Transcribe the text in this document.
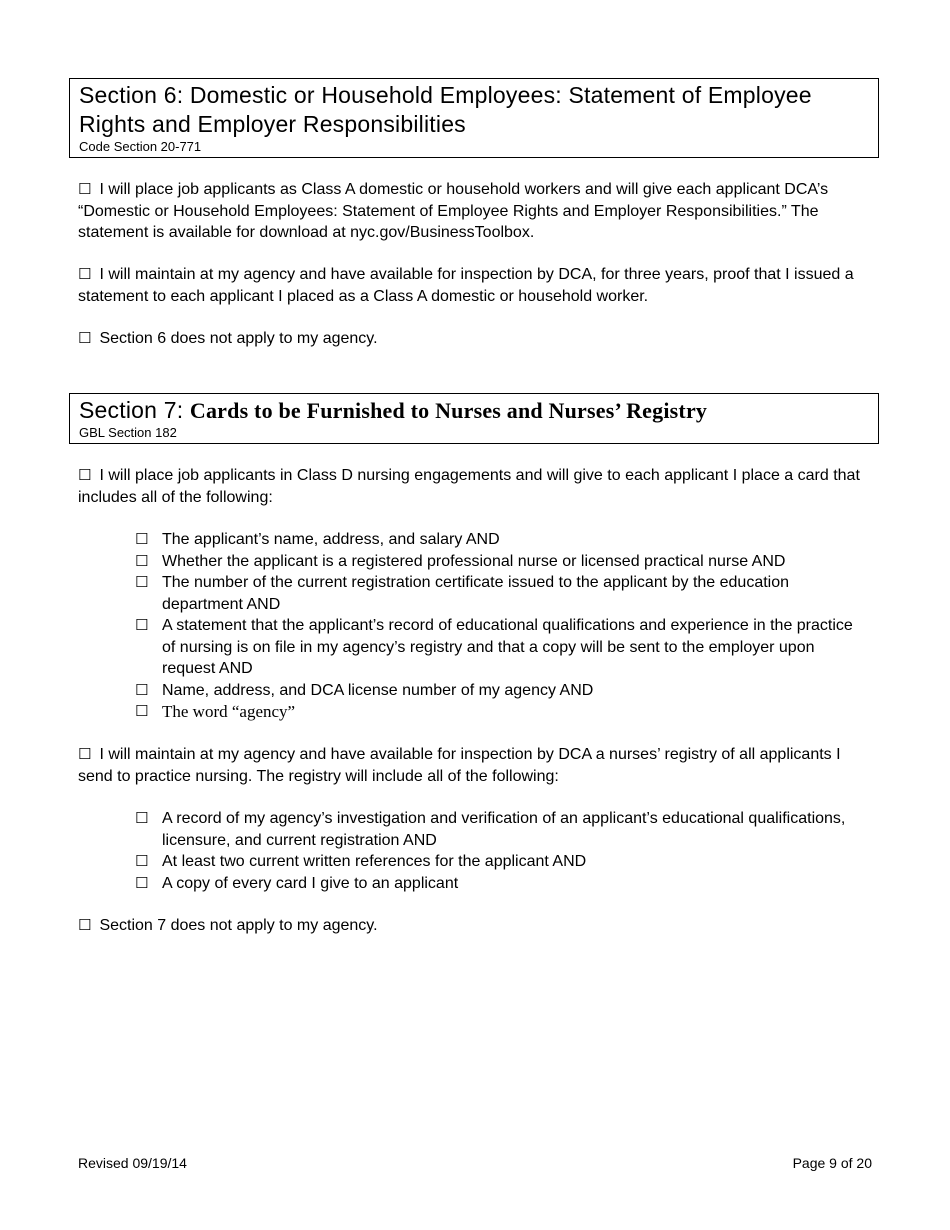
Section 6: Domestic or Household Employees: Statement of Employee Rights and Employer Responsibilities
Code Section 20-771
☐ I will place job applicants as Class A domestic or household workers and will give each applicant DCA’s “Domestic or Household Employees: Statement of Employee Rights and Employer Responsibilities.” The statement is available for download at nyc.gov/BusinessToolbox.
☐ I will maintain at my agency and have available for inspection by DCA, for three years, proof that I issued a statement to each applicant I placed as a Class A domestic or household worker.
☐ Section 6 does not apply to my agency.
Section 7: Cards to be Furnished to Nurses and Nurses’ Registry
GBL Section 182
☐ I will place job applicants in Class D nursing engagements and will give to each applicant I place a card that includes all of the following:
☐ The applicant’s name, address, and salary AND
☐ Whether the applicant is a registered professional nurse or licensed practical nurse AND
☐ The number of the current registration certificate issued to the applicant by the education department AND
☐ A statement that the applicant’s record of educational qualifications and experience in the practice of nursing is on file in my agency’s registry and that a copy will be sent to the employer upon request AND
☐ Name, address, and DCA license number of my agency AND
☐ The word “agency”
☐ I will maintain at my agency and have available for inspection by DCA a nurses’ registry of all applicants I send to practice nursing. The registry will include all of the following:
☐ A record of my agency’s investigation and verification of an applicant’s educational qualifications, licensure, and current registration AND
☐ At least two current written references for the applicant AND
☐ A copy of every card I give to an applicant
☐ Section 7 does not apply to my agency.
Revised 09/19/14	Page 9 of 20
